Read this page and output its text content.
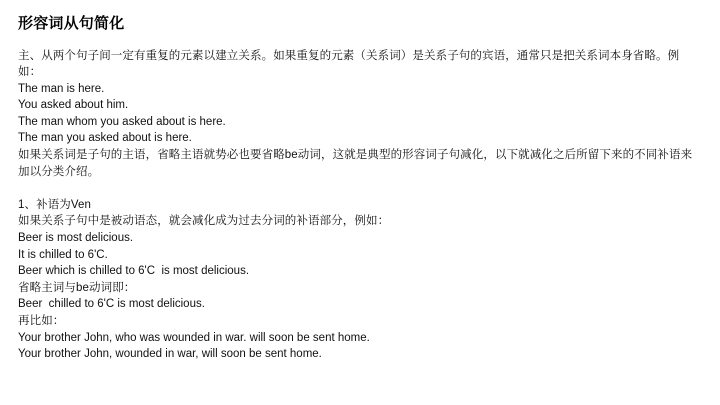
形容词从句简化
主、从两个句子间一定有重复的元素以建立关系。如果重复的元素（关系词）是关系子句的宾语，通常只是把关系词本身省略。例如：
The man is here.
You asked about him.
The man whom you asked about is here.
The man you asked about is here.
如果关系词是子句的主语，省略主语就势必也要省略be动词，这就是典型的形容词子句减化，以下就减化之后所留下来的不同补语来加以分类介绍。
1、补语为Ven
如果关系子句中是被动语态，就会减化成为过去分词的补语部分，例如：
Beer is most delicious.
It is chilled to 6'C.
Beer which is chilled to 6'C  is most delicious.
省略主词与be动词即：
Beer  chilled to 6'C is most delicious.
再比如：
Your brother John, who was wounded in war. will soon be sent home.
Your brother John, wounded in war, will soon be sent home.
